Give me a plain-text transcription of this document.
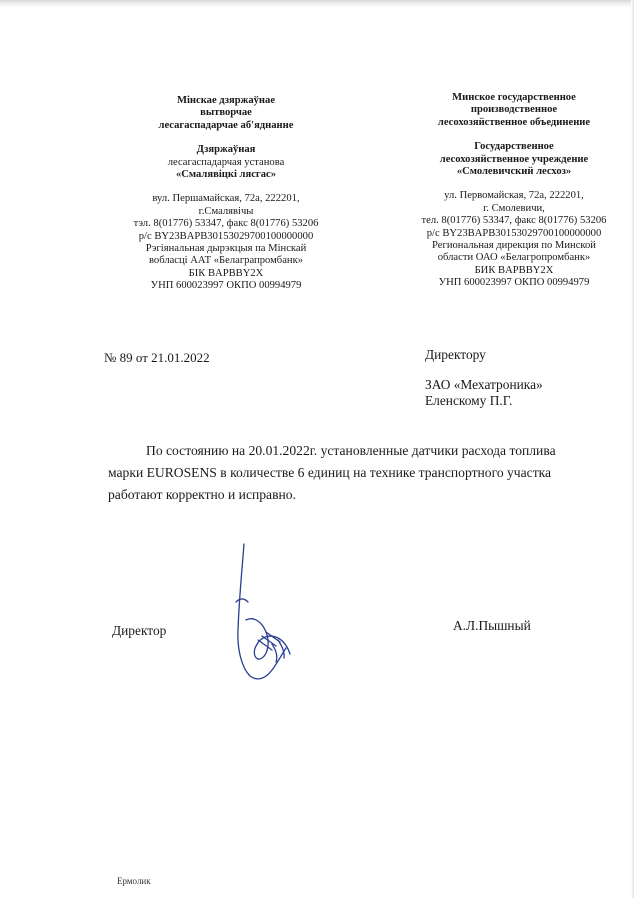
Мінскае дзяржаўнае
вытворчае
лесагаспадарчае аб'яднанне
Дзяржаўная
лесагаспадарчая установа
«Смалявіцкі лясгас»
вул. Першамайская, 72а, 222201,
г.Смалявічы
тэл. 8(01776) 53347, факс 8(01776) 53206
р/с BY23BAPB30153029700100000000
Рэгіянальная дырэкцыя па Мінскай
вобласці ААТ «Белаграпромбанк»
БІК BAPBBY2X
УНП 600023997 ОКПО 00994979
Минское государственное
производственное
лесохозяйственное объединение
Государственное
лесохозяйственное учреждение
«Смолевичский лесхоз»
ул. Первомайская, 72а, 222201,
г. Смолевичи,
тел. 8(01776) 53347, факс 8(01776) 53206
р/с BY23BAPB30153029700100000000
Региональная дирекция по Минской
области ОАО «Белагропромбанк»
БИК BAPBBY2X
УНП 600023997 ОКПО 00994979
№ 89 от 21.01.2022	Директору
ЗАО «Мехатроника»
Еленскому П.Г.
По состоянию на 20.01.2022г. установленные датчики расхода топлива
марки EUROSENS в количестве 6 единиц на технике транспортного участка
работают корректно и исправно.
Директор	А.Л.Пышный
Ермолик
